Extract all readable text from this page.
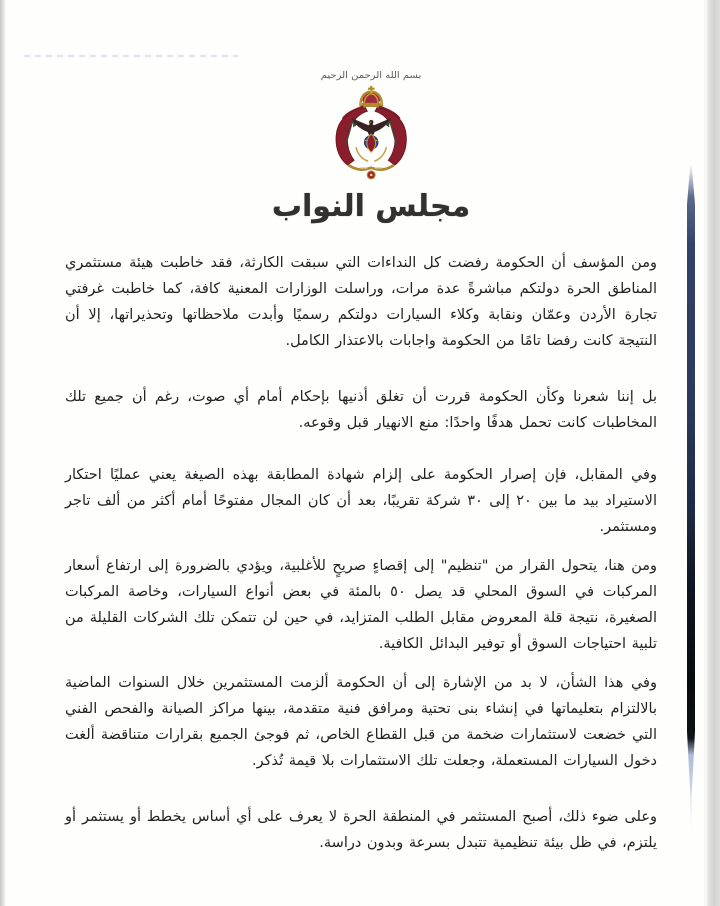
بسم الله الرحمن الرحيم
مجلس النواب

ومن المؤسف أن الحكومة رفضت كل النداءات التي سبقت الكارثة، فقد خاطبت هيئة مستثمري المناطق الحرة دولتكم مباشرةً عدة مرات، وراسلت الوزارات المعنية كافة، كما خاطبت غرفتي تجارة الأردن وعمّان ونقابة وكلاء السيارات دولتكم رسميًا وأبدت ملاحظاتها وتحذيراتها، إلا أن النتيجة كانت رفضا تامًا من الحكومة واجابات بالاعتذار الكامل.

بل إننا شعرنا وكأن الحكومة قررت أن تغلق أذنيها بإحكام أمام أي صوت، رغم أن جميع تلك المخاطبات كانت تحمل هدفًا واحدًا: منع الانهيار قبل وقوعه.

وفي المقابل، فإن إصرار الحكومة على إلزام شهادة المطابقة بهذه الصيغة يعني عمليًا احتكار الاستيراد بيد ما بين ٢٠ إلى ٣٠ شركة تقريبًا، بعد أن كان المجال مفتوحًا أمام أكثر من ألف تاجر ومستثمر.

ومن هنا، يتحول القرار من "تنظيم" إلى إقصاءٍ صريحٍ للأغلبية، ويؤدي بالضرورة إلى ارتفاع أسعار المركبات في السوق المحلي قد يصل ٥٠ بالمئة في بعض أنواع السيارات، وخاصة المركبات الصغيرة، نتيجة قلة المعروض مقابل الطلب المتزايد، في حين لن تتمكن تلك الشركات القليلة من تلبية احتياجات السوق أو توفير البدائل الكافية.

وفي هذا الشأن، لا بد من الإشارة إلى أن الحكومة ألزمت المستثمرين خلال السنوات الماضية بالالتزام بتعليماتها في إنشاء بنى تحتية ومرافق فنية متقدمة، بينها مراكز الصيانة والفحص الفني التي خضعت لاستثمارات ضخمة من قبل القطاع الخاص، ثم فوجئ الجميع بقرارات متناقضة ألغت دخول السيارات المستعملة، وجعلت تلك الاستثمارات بلا قيمة تُذكر.

وعلى ضوء ذلك، أصبح المستثمر في المنطقة الحرة لا يعرف على أي أساس يخطط أو يستثمر أو يلتزم، في ظل بيئة تنظيمية تتبدل بسرعة وبدون دراسة.
